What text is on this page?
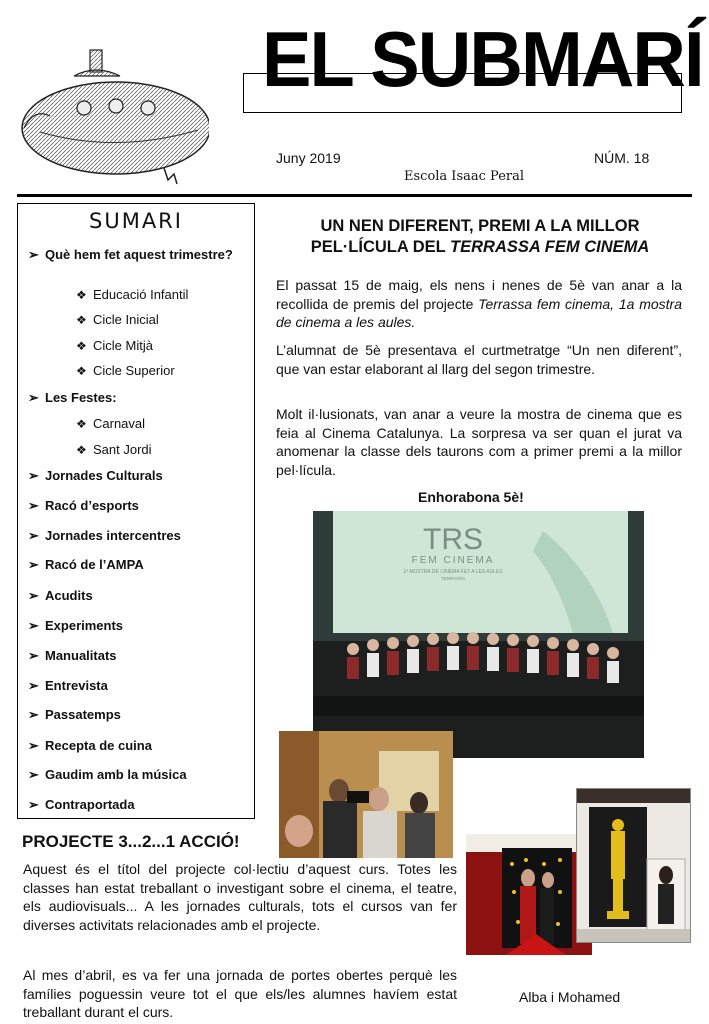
EL SUBMARÍ
Juny 2019	NÚM. 18
Escola Isaac Peral
SUMARI
➢ Què hem fet aquest trimestre?
❖ Educació Infantil
❖ Cicle Inicial
❖ Cicle Mitjà
❖ Cicle Superior
➢ Les Festes:
❖ Carnaval
❖ Sant Jordi
➢ Jornades Culturals
➢ Racó d’esports
➢ Jornades intercentres
➢ Racó de l’AMPA
➢ Acudits
➢ Experiments
➢ Manualitats
➢ Entrevista
➢ Passatemps
➢ Recepta de cuina
➢ Gaudim amb la música
➢ Contraportada
UN NEN DIFERENT, PREMI A LA MILLOR
PEL·LÍCULA DEL TERRASSA FEM CINEMA
El passat 15 de maig, els nens i nenes de 5è van anar a la recollida de premis del projecte Terrassa fem cinema, 1a mostra de cinema a les aules.
L’alumnat de 5è presentava el curtmetratge “Un nen diferent”, que van estar elaborant al llarg del segon trimestre.
Molt il·lusionats, van anar a veure la mostra de cinema que es feia al Cinema Catalunya. La sorpresa va ser quan el jurat va anomenar la classe dels taurons com a primer premi a la millor pel·lícula.
Enhorabona 5è!
TRS
FEM CINEMA
1ª MOSTRA DE CINEMA FET A LES AULES
TERRASSA
Alba i Mohamed
PROJECTE 3...2...1 ACCIÓ!
Aquest és el títol del projecte col·lectiu d’aquest curs. Totes les classes han estat treballant o investigant sobre el cinema, el teatre, els audiovisuals... A les jornades culturals, tots el cursos van fer diverses activitats relacionades amb el projecte.
Al mes d’abril, es va fer una jornada de portes obertes perquè les famílies poguessin veure tot el que els/les alumnes havíem estat treballant durant el curs.
